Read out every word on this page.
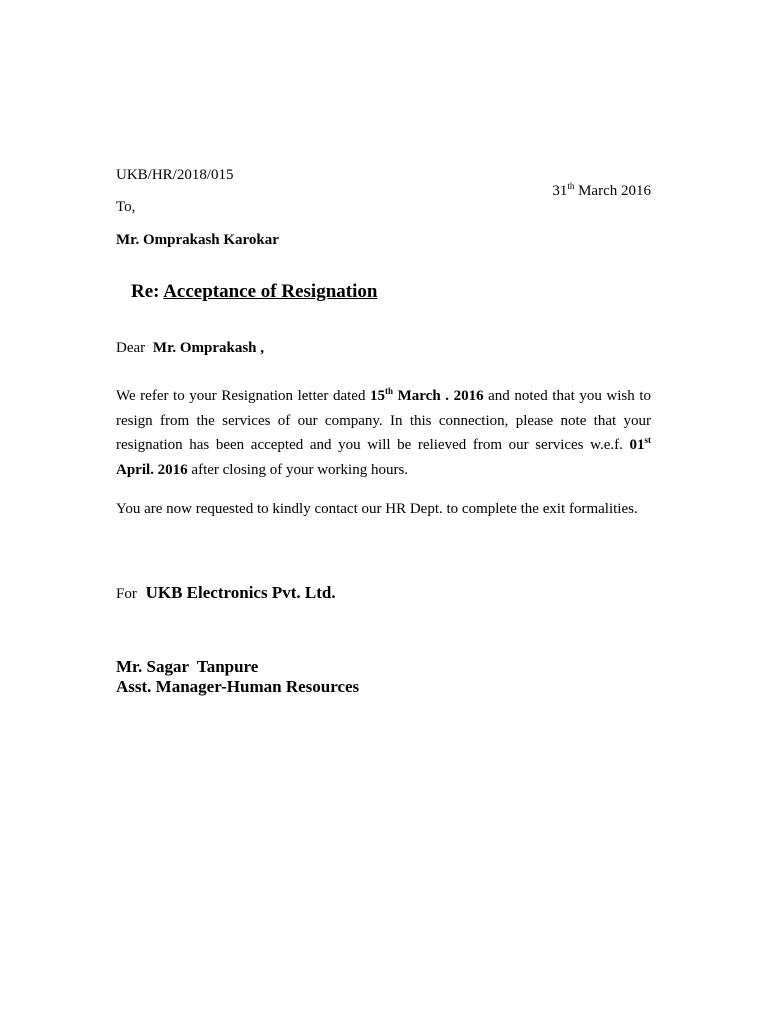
UKB/HR/2018/015
31th March 2016
To,
Mr. Omprakash Karokar
Re: Acceptance of Resignation
Dear Mr. Omprakash ,
We refer to your Resignation letter dated 15th March . 2016 and noted that you wish to resign from the services of our company. In this connection, please note that your resignation has been accepted and you will be relieved from our services w.e.f. 01st April. 2016 after closing of your working hours.
You are now requested to kindly contact our HR Dept. to complete the exit formalities.
For UKB Electronics Pvt. Ltd.
Mr. Sagar  Tanpure
Asst. Manager-Human Resources
